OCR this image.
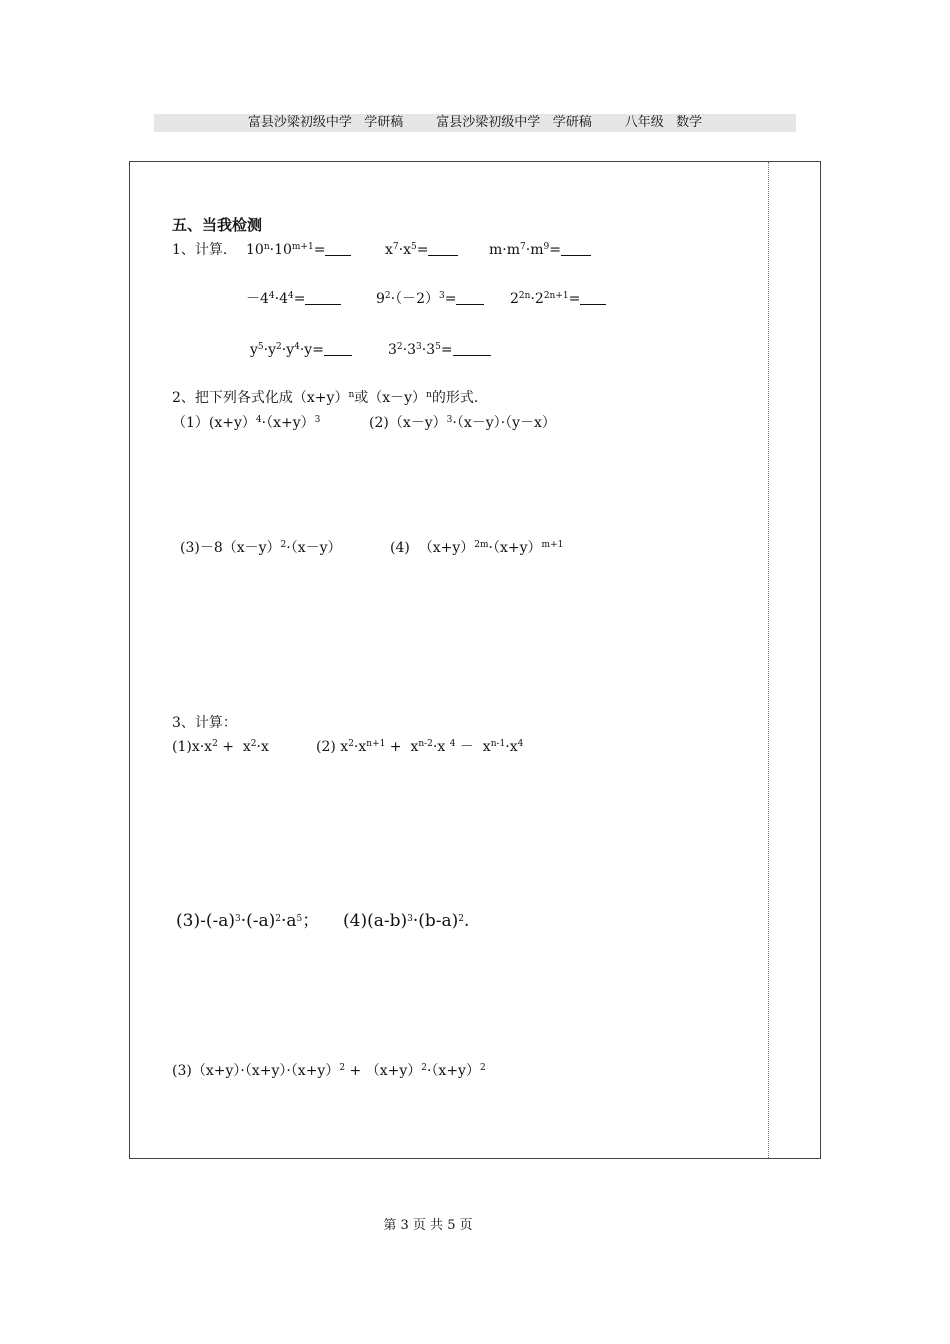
富县沙梁初级中学   学研稿        富县沙梁初级中学   学研稿        八年级   数学
五、当我检测
1、计算． $10^n\cdot 10^{m+1}=$	$x^7\cdot x^5=$	$m\cdot m^7\cdot m^9=$
$-4^4\cdot 4^4=$	$9^2\cdot(-2)^3=$	$2^{2n}\cdot 2^{2n+1}=$
$y^5\cdot y^2\cdot y^4\cdot y=$	$3^2\cdot 3^3\cdot 3^5=$
2、把下列各式化成$(x+y)^n$或$(x-y)^n$的形式．
$(1)(x+y)^4\cdot(x+y)^3$	$(2)(x-y)^3\cdot(x-y)\cdot(y-x)$
$(3)-8(x-y)^2\cdot(x-y)$	(4)  $(x+y)^{2m}\cdot(x+y)^{m+1}$
3、计算：
$(1)x\cdot x^2 + x^2\cdot x$	(2) $x^2\cdot x^{n+1} + x^{n-2}\cdot x$ $^4 - x^{n-1}\cdot x^4$
$(3)-(-a)^3\cdot(-a)^2\cdot a^5$； $(4)(a-b)^3\cdot(b-a)^2$.
$(3)(x+y)\cdot(x+y)\cdot(x+y)^2 + (x+y)^2\cdot(x+y)^2$
第 3 页 共 5 页
